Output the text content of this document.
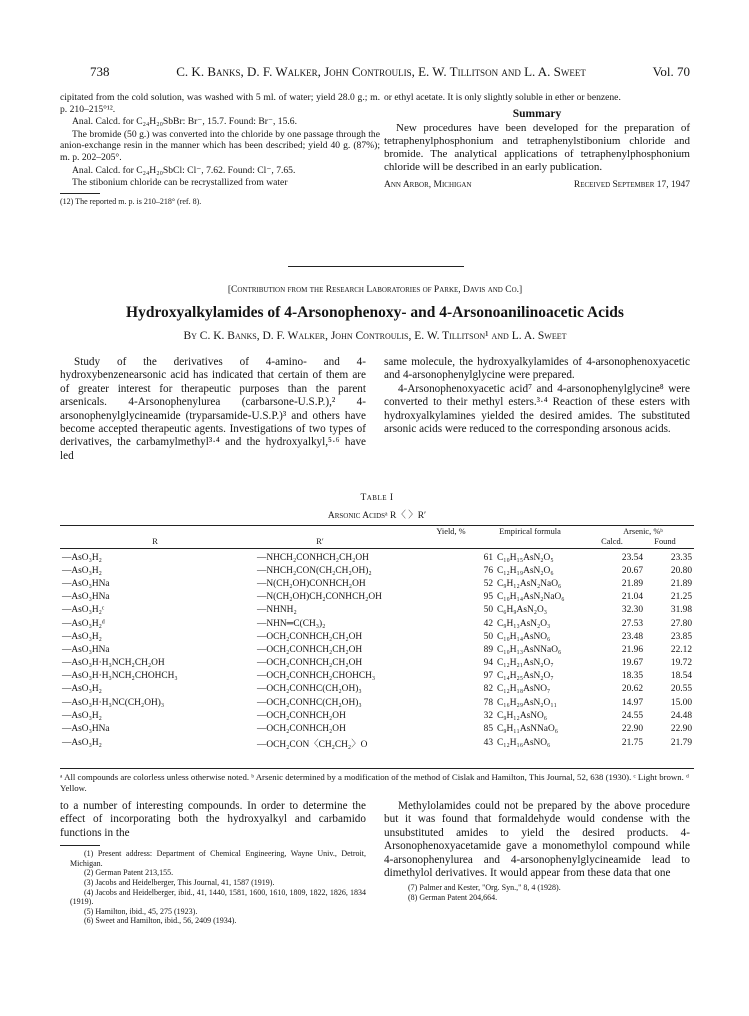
738	C. K. Banks, D. F. Walker, John Controulis, E. W. Tillitson and L. A. Sweet	Vol. 70

cipitated from the cold solution, was washed with 5 ml. of water; yield 28.0 g.; m. p. 210–215°¹².

Anal. Calcd. for C₂₄H₂₀SbBr: Br⁻, 15.7. Found: Br⁻, 15.6.

The bromide (50 g.) was converted into the chloride by one passage through the anion-exchange resin in the manner which has been described; yield 40 g. (87%); m. p. 202–205°.

Anal. Calcd. for C₂₄H₂₀SbCl: Cl⁻, 7.62. Found: Cl⁻, 7.65.

The stibonium chloride can be recrystallized from water

(12) The reported m. p. is 210–218° (ref. 8).

or ethyl acetate. It is only slightly soluble in ether or benzene.

Summary

New procedures have been developed for the preparation of tetraphenylphosphonium and tetraphenylstibonium chloride and bromide. The analytical applications of tetraphenylphosphonium chloride will be described in an early publication.

Ann Arbor, Michigan	Received September 17, 1947
[Contribution from the Research Laboratories of Parke, Davis and Co.]
Hydroxyalkylamides of 4-Arsonophenoxy- and 4-Arsonoanilinoacetic Acids
By C. K. Banks, D. F. Walker, John Controulis, E. W. Tillitson¹ and L. A. Sweet

Study of the derivatives of 4-amino- and 4-hydroxybenzenearsonic acid has indicated that certain of them are of greater interest for therapeutic purposes than the parent arsenicals. 4-Arsonophenylurea (carbarsone-U.S.P.),² 4-arsonophenylglycineamide (tryparsamide-U.S.P.)³ and others have become accepted therapeutic agents. Investigations of two types of derivatives, the carbamylmethyl³·⁴ and the hydroxyalkyl,⁵·⁶ have led

same molecule, the hydroxyalkylamides of 4-arsonophenoxyacetic and 4-arsonophenylglycine were prepared.

4-Arsonophenoxyacetic acid⁷ and 4-arsonophenylglycine⁸ were converted to their methyl esters.³·⁴ Reaction of these esters with hydroxyalkylamines yielded the desired amides. The substituted arsonic acids were reduced to the corresponding arsonous acids.

Table I
Arsonic Acidsᵃ R〈 〉R′
R	R′
Yield, %	Empirical formula	Arsenic, %ᵇ
Calcd.	Found
—AsO₃H₂	—NHCH₂CONHCH₂CH₂OH	61	C₁₀H₁₅AsN₂O₅	23.54	23.35
—AsO₃H₂	—NHCH₂CON(CH₂CH₂OH)₂	76	C₁₂H₁₉AsN₂O₆	20.67	20.80
—AsO₃HNa	—N(CH₂OH)CONHCH₂OH	52	C₉H₁₂AsN₂NaO₆	21.89	21.89
—AsO₃HNa	—N(CH₂OH)CH₂CONHCH₂OH	95	C₁₀H₁₄AsN₂NaO₆	21.04	21.25
—AsO₃H₂ᶜ	—NHNH₂	50	C₆H₉AsN₂O₃	32.30	31.98
—AsO₃H₂ᵈ	—NHN═C(CH₃)₂	42	C₉H₁₃AsN₂O₃	27.53	27.80
—AsO₃H₂	—OCH₂CONHCH₂CH₂OH	50	C₁₀H₁₄AsNO₆	23.48	23.85
—AsO₃HNa	—OCH₂CONHCH₂CH₂OH	89	C₁₀H₁₃AsNNaO₆	21.96	22.12
—AsO₃H·H₃NCH₂CH₂OH	—OCH₂CONHCH₂CH₂OH	94	C₁₂H₂₁AsN₂O₇	19.67	19.72
—AsO₃H·H₃NCH₂CHOHCH₃	—OCH₂CONHCH₂CHOHCH₃	97	C₁₄H₂₅AsN₂O₇	18.35	18.54
—AsO₃H₂	—OCH₂CONHC(CH₂OH)₃	82	C₁₂H₁₈AsNO₇	20.62	20.55
—AsO₃H·H₃NC(CH₂OH)₃	—OCH₂CONHC(CH₂OH)₃	78	C₁₆H₂₉AsN₂O₁₁	14.97	15.00
—AsO₃H₂	—OCH₂CONHCH₂OH	32	C₉H₁₂AsNO₆	24.55	24.48
—AsO₃HNa	—OCH₂CONHCH₂OH	85	C₉H₁₁AsNNaO₆	22.90	22.90
—AsO₃H₂	—OCH₂CON〈CH₂CH₂〉O	43	C₁₂H₁₆AsNO₆	21.75	21.79
ᵃ All compounds are colorless unless otherwise noted. ᵇ Arsenic determined by a modification of the method of Cislak and Hamilton, This Journal, 52, 638 (1930). ᶜ Light brown. ᵈ Yellow.

to a number of interesting compounds. In order to determine the effect of incorporating both the hydroxyalkyl and carbamido functions in the

(1) Present address: Department of Chemical Engineering, Wayne Univ., Detroit, Michigan.

(2) German Patent 213,155.

(3) Jacobs and Heidelberger, This Journal, 41, 1587 (1919).

(4) Jacobs and Heidelberger, ibid., 41, 1440, 1581, 1600, 1610, 1809, 1822, 1826, 1834 (1919).

(5) Hamilton, ibid., 45, 275 (1923).

(6) Sweet and Hamilton, ibid., 56, 2409 (1934).

Methylolamides could not be prepared by the above procedure but it was found that formaldehyde would condense with the unsubstituted amides to yield the desired products. 4-Arsonophenoxyacetamide gave a monomethylol compound while 4-arsonophenylurea and 4-arsonophenylglycineamide lead to dimethylol derivatives. It would appear from these data that one

(7) Palmer and Kester, "Org. Syn.," 8, 4 (1928).

(8) German Patent 204,664.
